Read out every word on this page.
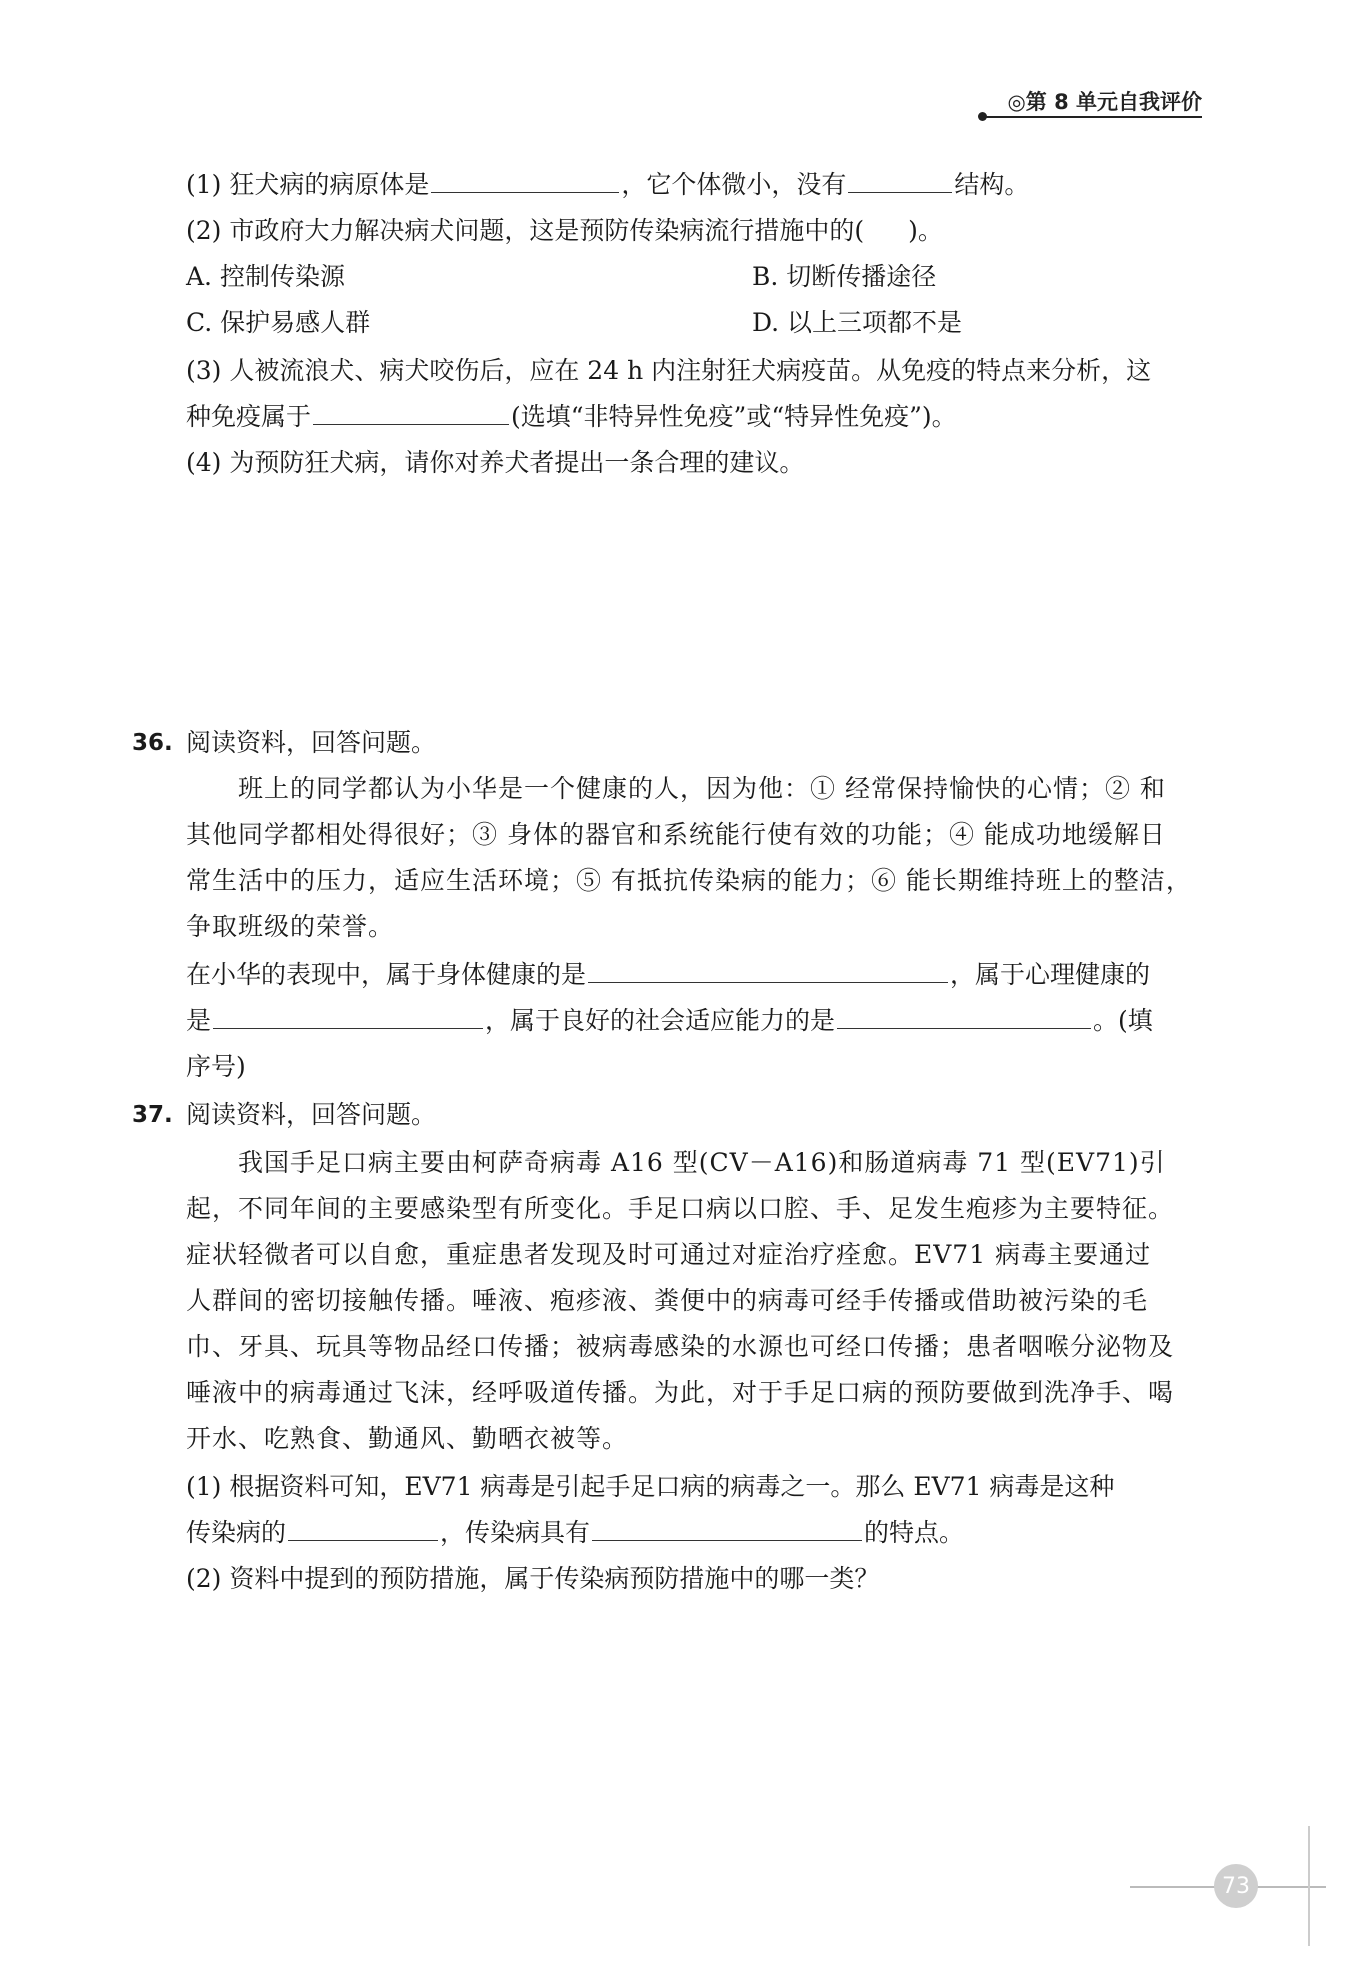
◎第 8 单元自我评价
(1) 狂犬病的病原体是	，它个体微小，没有	结构。
(2) 市政府大力解决病犬问题，这是预防传染病流行措施中的( )。
A. 控制传染源	B. 切断传播途径
C. 保护易感人群	D. 以上三项都不是
(3) 人被流浪犬、病犬咬伤后，应在 24 h 内注射狂犬病疫苗。从免疫的特点来分析，这
种免疫属于	(选填“非特异性免疫”或“特异性免疫”)。
(4) 为预防狂犬病，请你对养犬者提出一条合理的建议。
36. 阅读资料，回答问题。
班上的同学都认为小华是一个健康的人，因为他：① 经常保持愉快的心情；② 和
其他同学都相处得很好；③ 身体的器官和系统能行使有效的功能；④ 能成功地缓解日
常生活中的压力，适应生活环境；⑤ 有抵抗传染病的能力；⑥ 能长期维持班上的整洁，
争取班级的荣誉。
在小华的表现中，属于身体健康的是	，属于心理健康的
是	，属于良好的社会适应能力的是	。(填
序号)
37. 阅读资料，回答问题。
我国手足口病主要由柯萨奇病毒 A16 型(CV－A16)和肠道病毒 71 型(EV71)引
起，不同年间的主要感染型有所变化。手足口病以口腔、手、足发生疱疹为主要特征。
症状轻微者可以自愈，重症患者发现及时可通过对症治疗痊愈。EV71 病毒主要通过
人群间的密切接触传播。唾液、疱疹液、粪便中的病毒可经手传播或借助被污染的毛
巾、牙具、玩具等物品经口传播；被病毒感染的水源也可经口传播；患者咽喉分泌物及
唾液中的病毒通过飞沫，经呼吸道传播。为此，对于手足口病的预防要做到洗净手、喝
开水、吃熟食、勤通风、勤晒衣被等。
(1) 根据资料可知，EV71 病毒是引起手足口病的病毒之一。那么 EV71 病毒是这种
传染病的	，传染病具有	的特点。
(2) 资料中提到的预防措施，属于传染病预防措施中的哪一类？
73
